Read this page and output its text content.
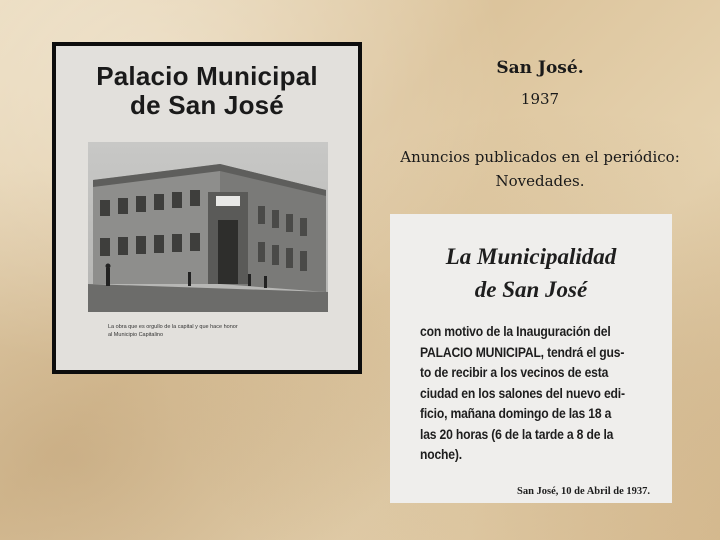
Palacio Municipal
de San José
La obra que es orgullo de la capital y que hace honor
al Municipio Capitalino
San José.
1937
Anuncios publicados en el periódico:
Novedades.
La Municipalidad
de San José
con motivo de la Inauguración del
PALACIO MUNICIPAL, tendrá el gus-
to de recibir a los vecinos de esta
ciudad en los salones del nuevo edi-
ficio, mañana domingo de las 18 a
las 20 horas (6 de la tarde a 8 de la
noche).
San José, 10 de Abril de 1937.
